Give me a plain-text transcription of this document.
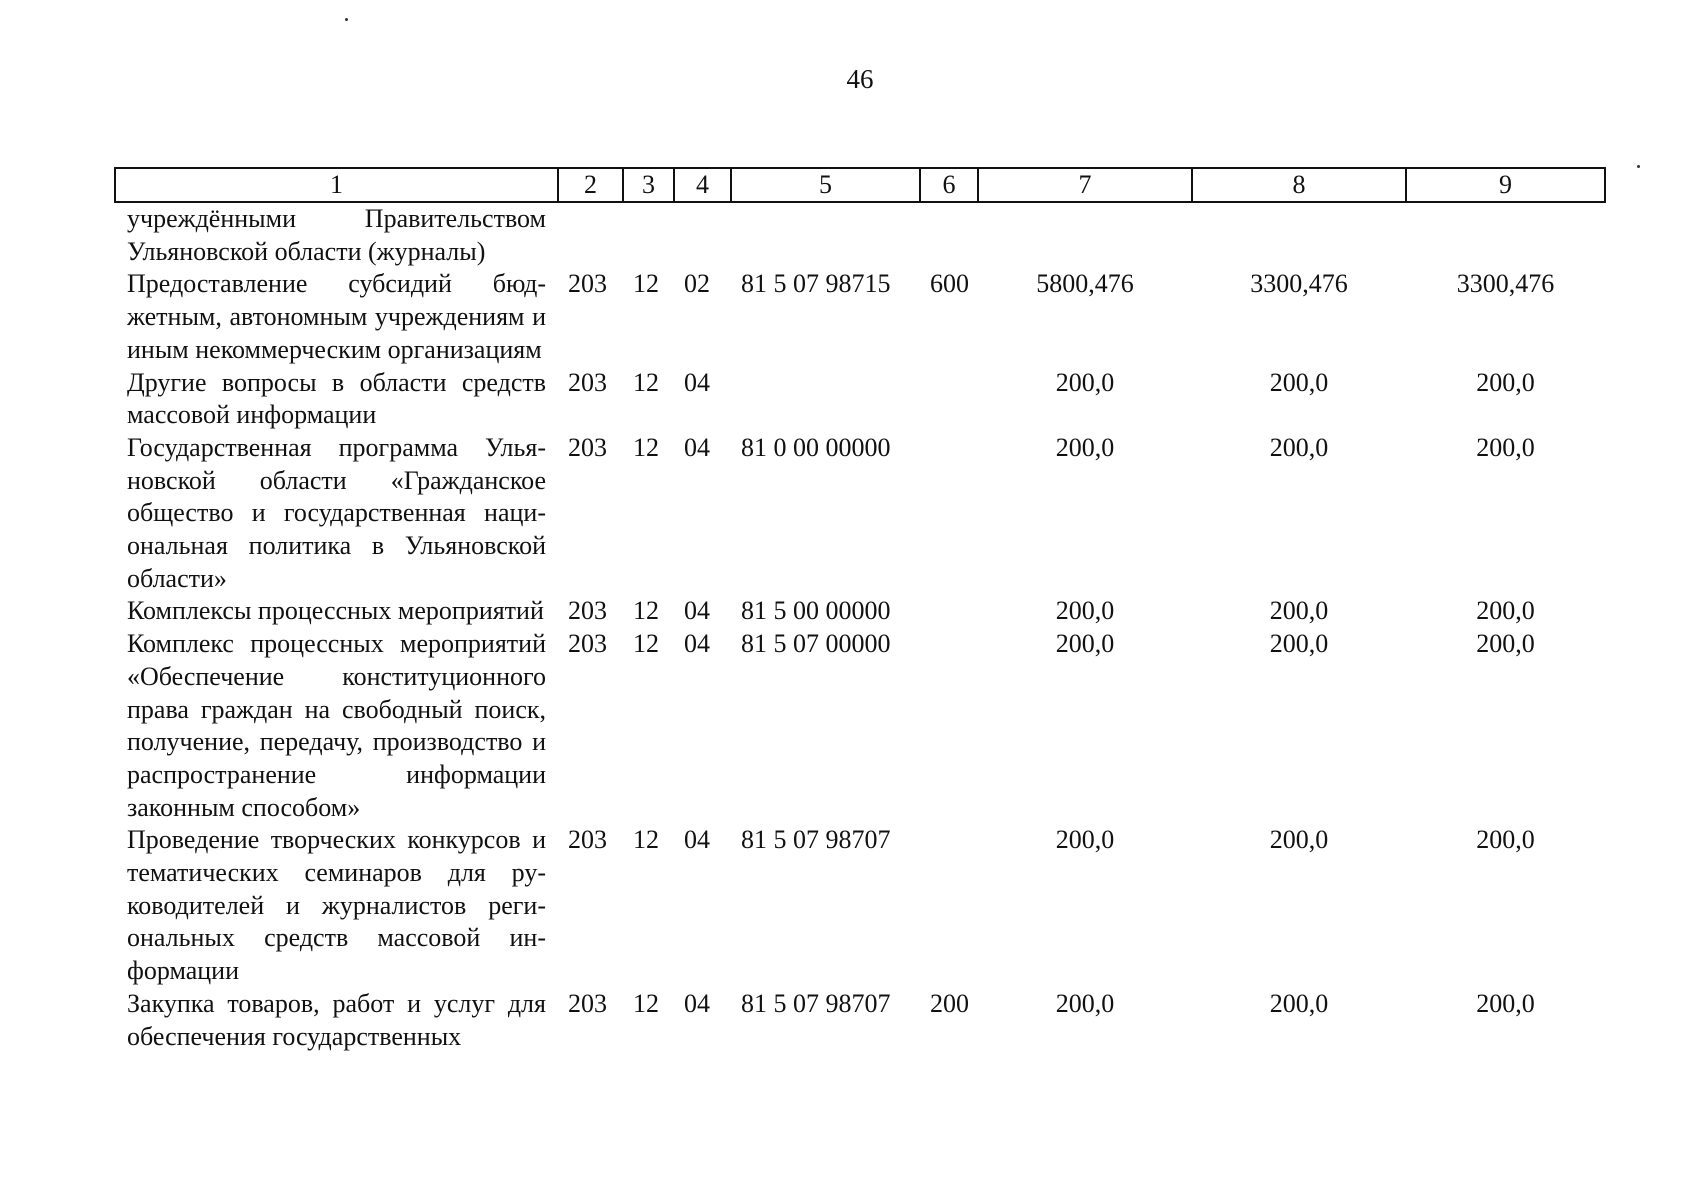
46
1	2	3	4	5	6	7	8	9
учреждёнными Правительством Ульяновской области (журналы)								
Предоставление субсидий бюджетным, автономным учреждениям и иным некоммерческим организациям	203	12	02	81 5 07 98715	600	5800,476	3300,476	3300,476
Другие вопросы в области средств массовой информации	203	12	04			200,0	200,0	200,0
Государственная программа Ульяновской области «Гражданское общество и государственная национальная политика в Ульяновской области»	203	12	04	81 0 00 00000		200,0	200,0	200,0
Комплексы процессных мероприятий	203	12	04	81 5 00 00000		200,0	200,0	200,0
Комплекс процессных мероприятий «Обеспечение конституционного права граждан на свободный поиск, получение, передачу, производство и распространение информации законным способом»	203	12	04	81 5 07 00000		200,0	200,0	200,0
Проведение творческих конкурсов и тематических семинаров для руководителей и журналистов региональных средств массовой информации	203	12	04	81 5 07 98707		200,0	200,0	200,0
Закупка товаров, работ и услуг для обеспечения государственных	203	12	04	81 5 07 98707	200	200,0	200,0	200,0
